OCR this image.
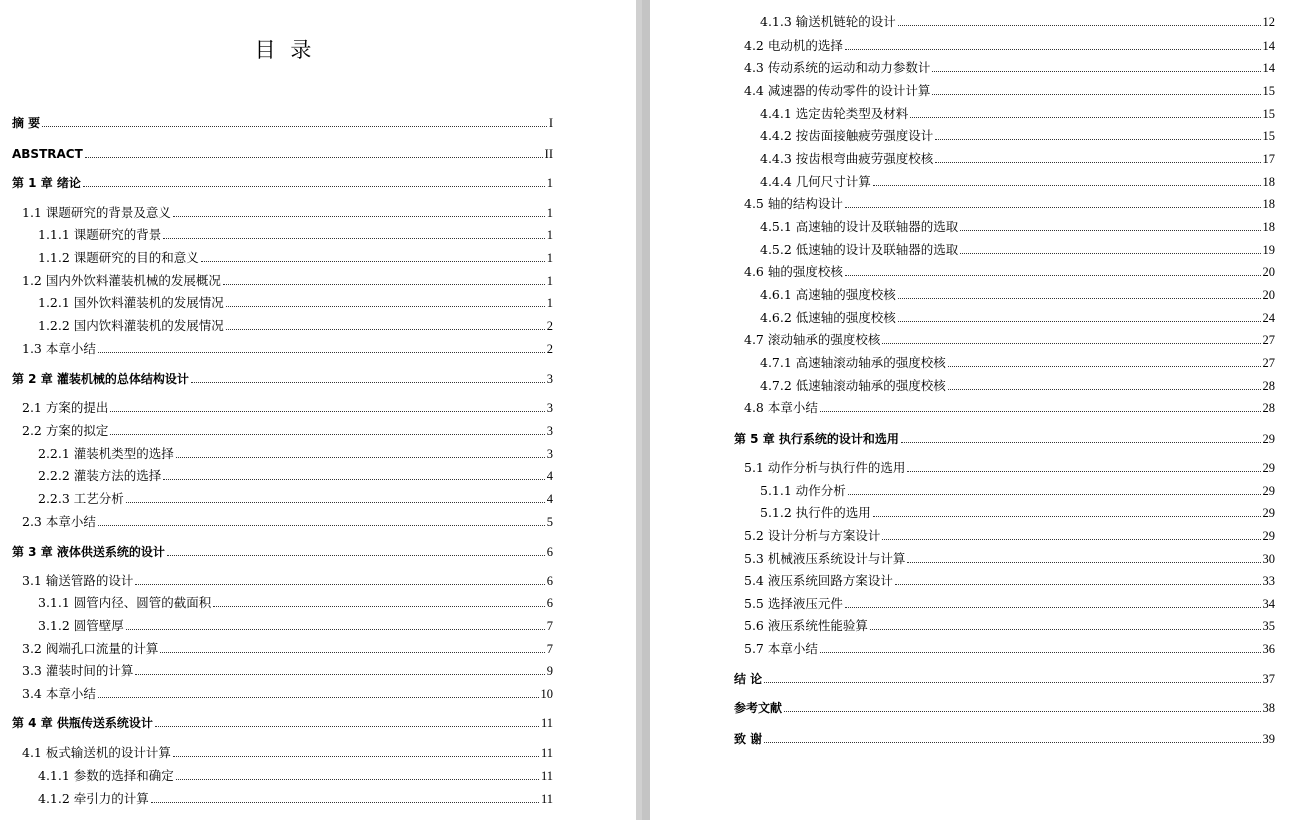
目 录
摘 要	I
ABSTRACT	II
第 1 章 绪论	1
1.1 课题研究的背景及意义	1
1.1.1 课题研究的背景	1
1.1.2 课题研究的目的和意义	1
1.2 国内外饮料灌装机械的发展概况	1
1.2.1 国外饮料灌装机的发展情况	1
1.2.2 国内饮料灌装机的发展情况	2
1.3 本章小结	2
第 2 章 灌装机械的总体结构设计	3
2.1 方案的提出	3
2.2 方案的拟定	3
2.2.1 灌装机类型的选择	3
2.2.2 灌装方法的选择	4
2.2.3 工艺分析	4
2.3 本章小结	5
第 3 章 液体供送系统的设计	6
3.1 输送管路的设计	6
3.1.1 圆管内径、圆管的截面积	6
3.1.2 圆管壁厚	7
3.2 阀端孔口流量的计算	7
3.3 灌装时间的计算	9
3.4 本章小结	10
第 4 章 供瓶传送系统设计	11
4.1 板式输送机的设计计算	11
4.1.1 参数的选择和确定	11
4.1.2 牵引力的计算	11
4.1.3 输送机链轮的设计	12
4.2 电动机的选择	14
4.3 传动系统的运动和动力参数计	14
4.4 减速器的传动零件的设计计算	15
4.4.1 选定齿轮类型及材料	15
4.4.2 按齿面接触疲劳强度设计	15
4.4.3 按齿根弯曲疲劳强度校核	17
4.4.4 几何尺寸计算	18
4.5 轴的结构设计	18
4.5.1 高速轴的设计及联轴器的选取	18
4.5.2 低速轴的设计及联轴器的选取	19
4.6 轴的强度校核	20
4.6.1 高速轴的强度校核	20
4.6.2 低速轴的强度校核	24
4.7 滚动轴承的强度校核	27
4.7.1 高速轴滚动轴承的强度校核	27
4.7.2 低速轴滚动轴承的强度校核	28
4.8 本章小结	28
第 5 章 执行系统的设计和选用	29
5.1 动作分析与执行件的选用	29
5.1.1 动作分析	29
5.1.2 执行件的选用	29
5.2 设计分析与方案设计	29
5.3 机械液压系统设计与计算	30
5.4 液压系统回路方案设计	33
5.5 选择液压元件	34
5.6 液压系统性能验算	35
5.7 本章小结	36
结 论	37
参考文献	38
致 谢	39
